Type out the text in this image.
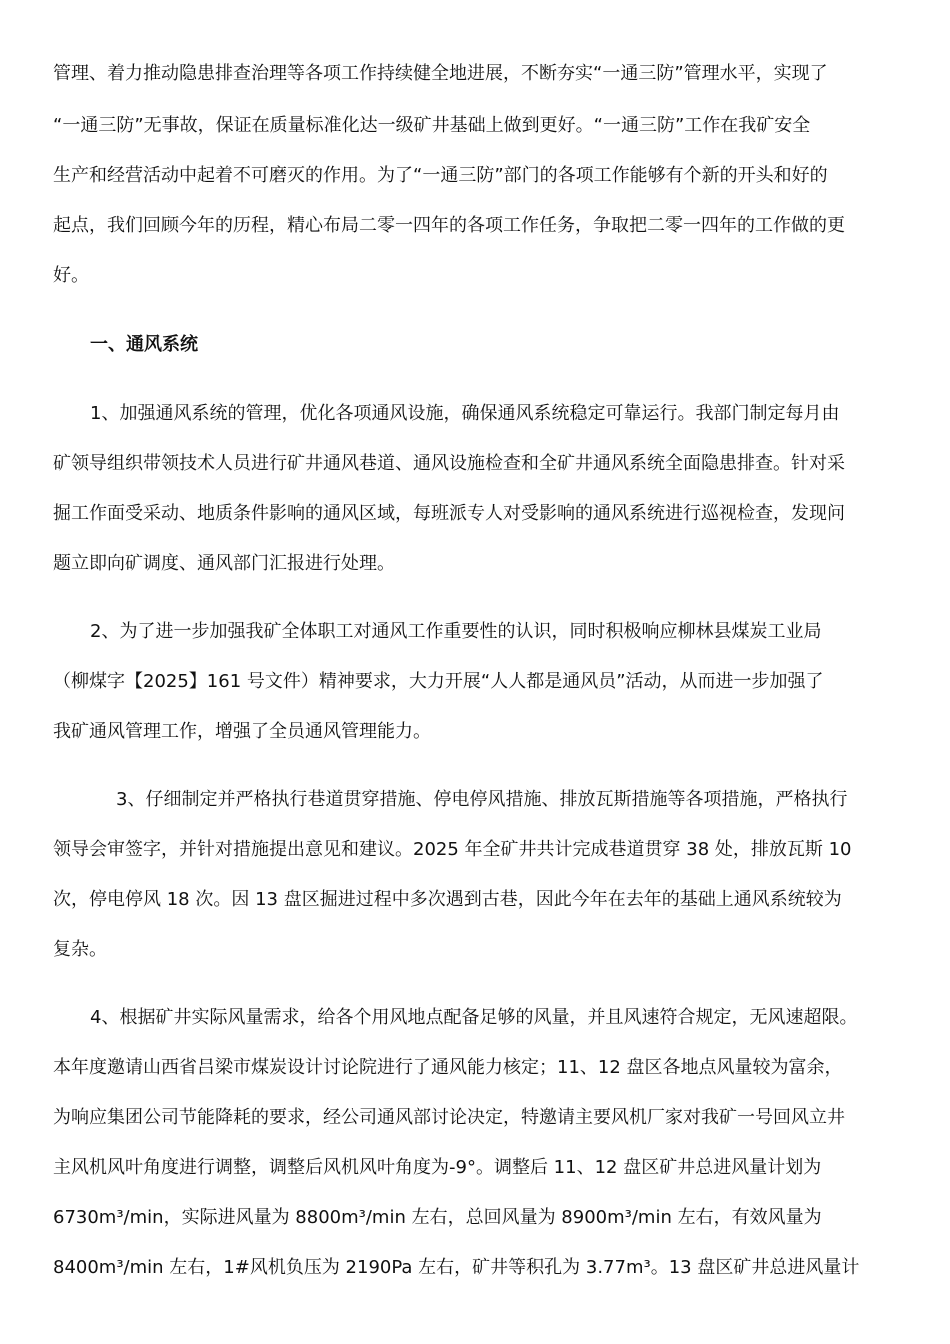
管理、着力推动隐患排查治理等各项工作持续健全地进展，不断夯实“一通三防”管理水平，实现了
“一通三防”无事故，保证在质量标准化达一级矿井基础上做到更好。“一通三防”工作在我矿安全
生产和经营活动中起着不可磨灭的作用。为了“一通三防”部门的各项工作能够有个新的开头和好的
起点，我们回顾今年的历程，精心布局二零一四年的各项工作任务，争取把二零一四年的工作做的更
好。
一、通风系统
1、加强通风系统的管理，优化各项通风设施，确保通风系统稳定可靠运行。我部门制定每月由
矿领导组织带领技术人员进行矿井通风巷道、通风设施检查和全矿井通风系统全面隐患排查。针对采
掘工作面受采动、地质条件影响的通风区域，每班派专人对受影响的通风系统进行巡视检查，发现问
题立即向矿调度、通风部门汇报进行处理。
2、为了进一步加强我矿全体职工对通风工作重要性的认识，同时积极响应柳林县煤炭工业局
（柳煤字【2025】161 号文件）精神要求，大力开展“人人都是通风员”活动，从而进一步加强了
我矿通风管理工作，增强了全员通风管理能力。
3、仔细制定并严格执行巷道贯穿措施、停电停风措施、排放瓦斯措施等各项措施，严格执行
领导会审签字，并针对措施提出意见和建议。2025 年全矿井共计完成巷道贯穿 38 处，排放瓦斯 10
次，停电停风 18 次。因 13 盘区掘进过程中多次遇到古巷，因此今年在去年的基础上通风系统较为
复杂。
4、根据矿井实际风量需求，给各个用风地点配备足够的风量，并且风速符合规定，无风速超限。
本年度邀请山西省吕梁市煤炭设计讨论院进行了通风能力核定；11、12 盘区各地点风量较为富余，
为响应集团公司节能降耗的要求，经公司通风部讨论决定，特邀请主要风机厂家对我矿一号回风立井
主风机风叶角度进行调整，调整后风机风叶角度为-9°。调整后 11、12 盘区矿井总进风量计划为
6730m³/min，实际进风量为 8800m³/min 左右，总回风量为 8900m³/min 左右，有效风量为
8400m³/min 左右，1#风机负压为 2190Pa 左右，矿井等积孔为 3.77m³。13 盘区矿井总进风量计
